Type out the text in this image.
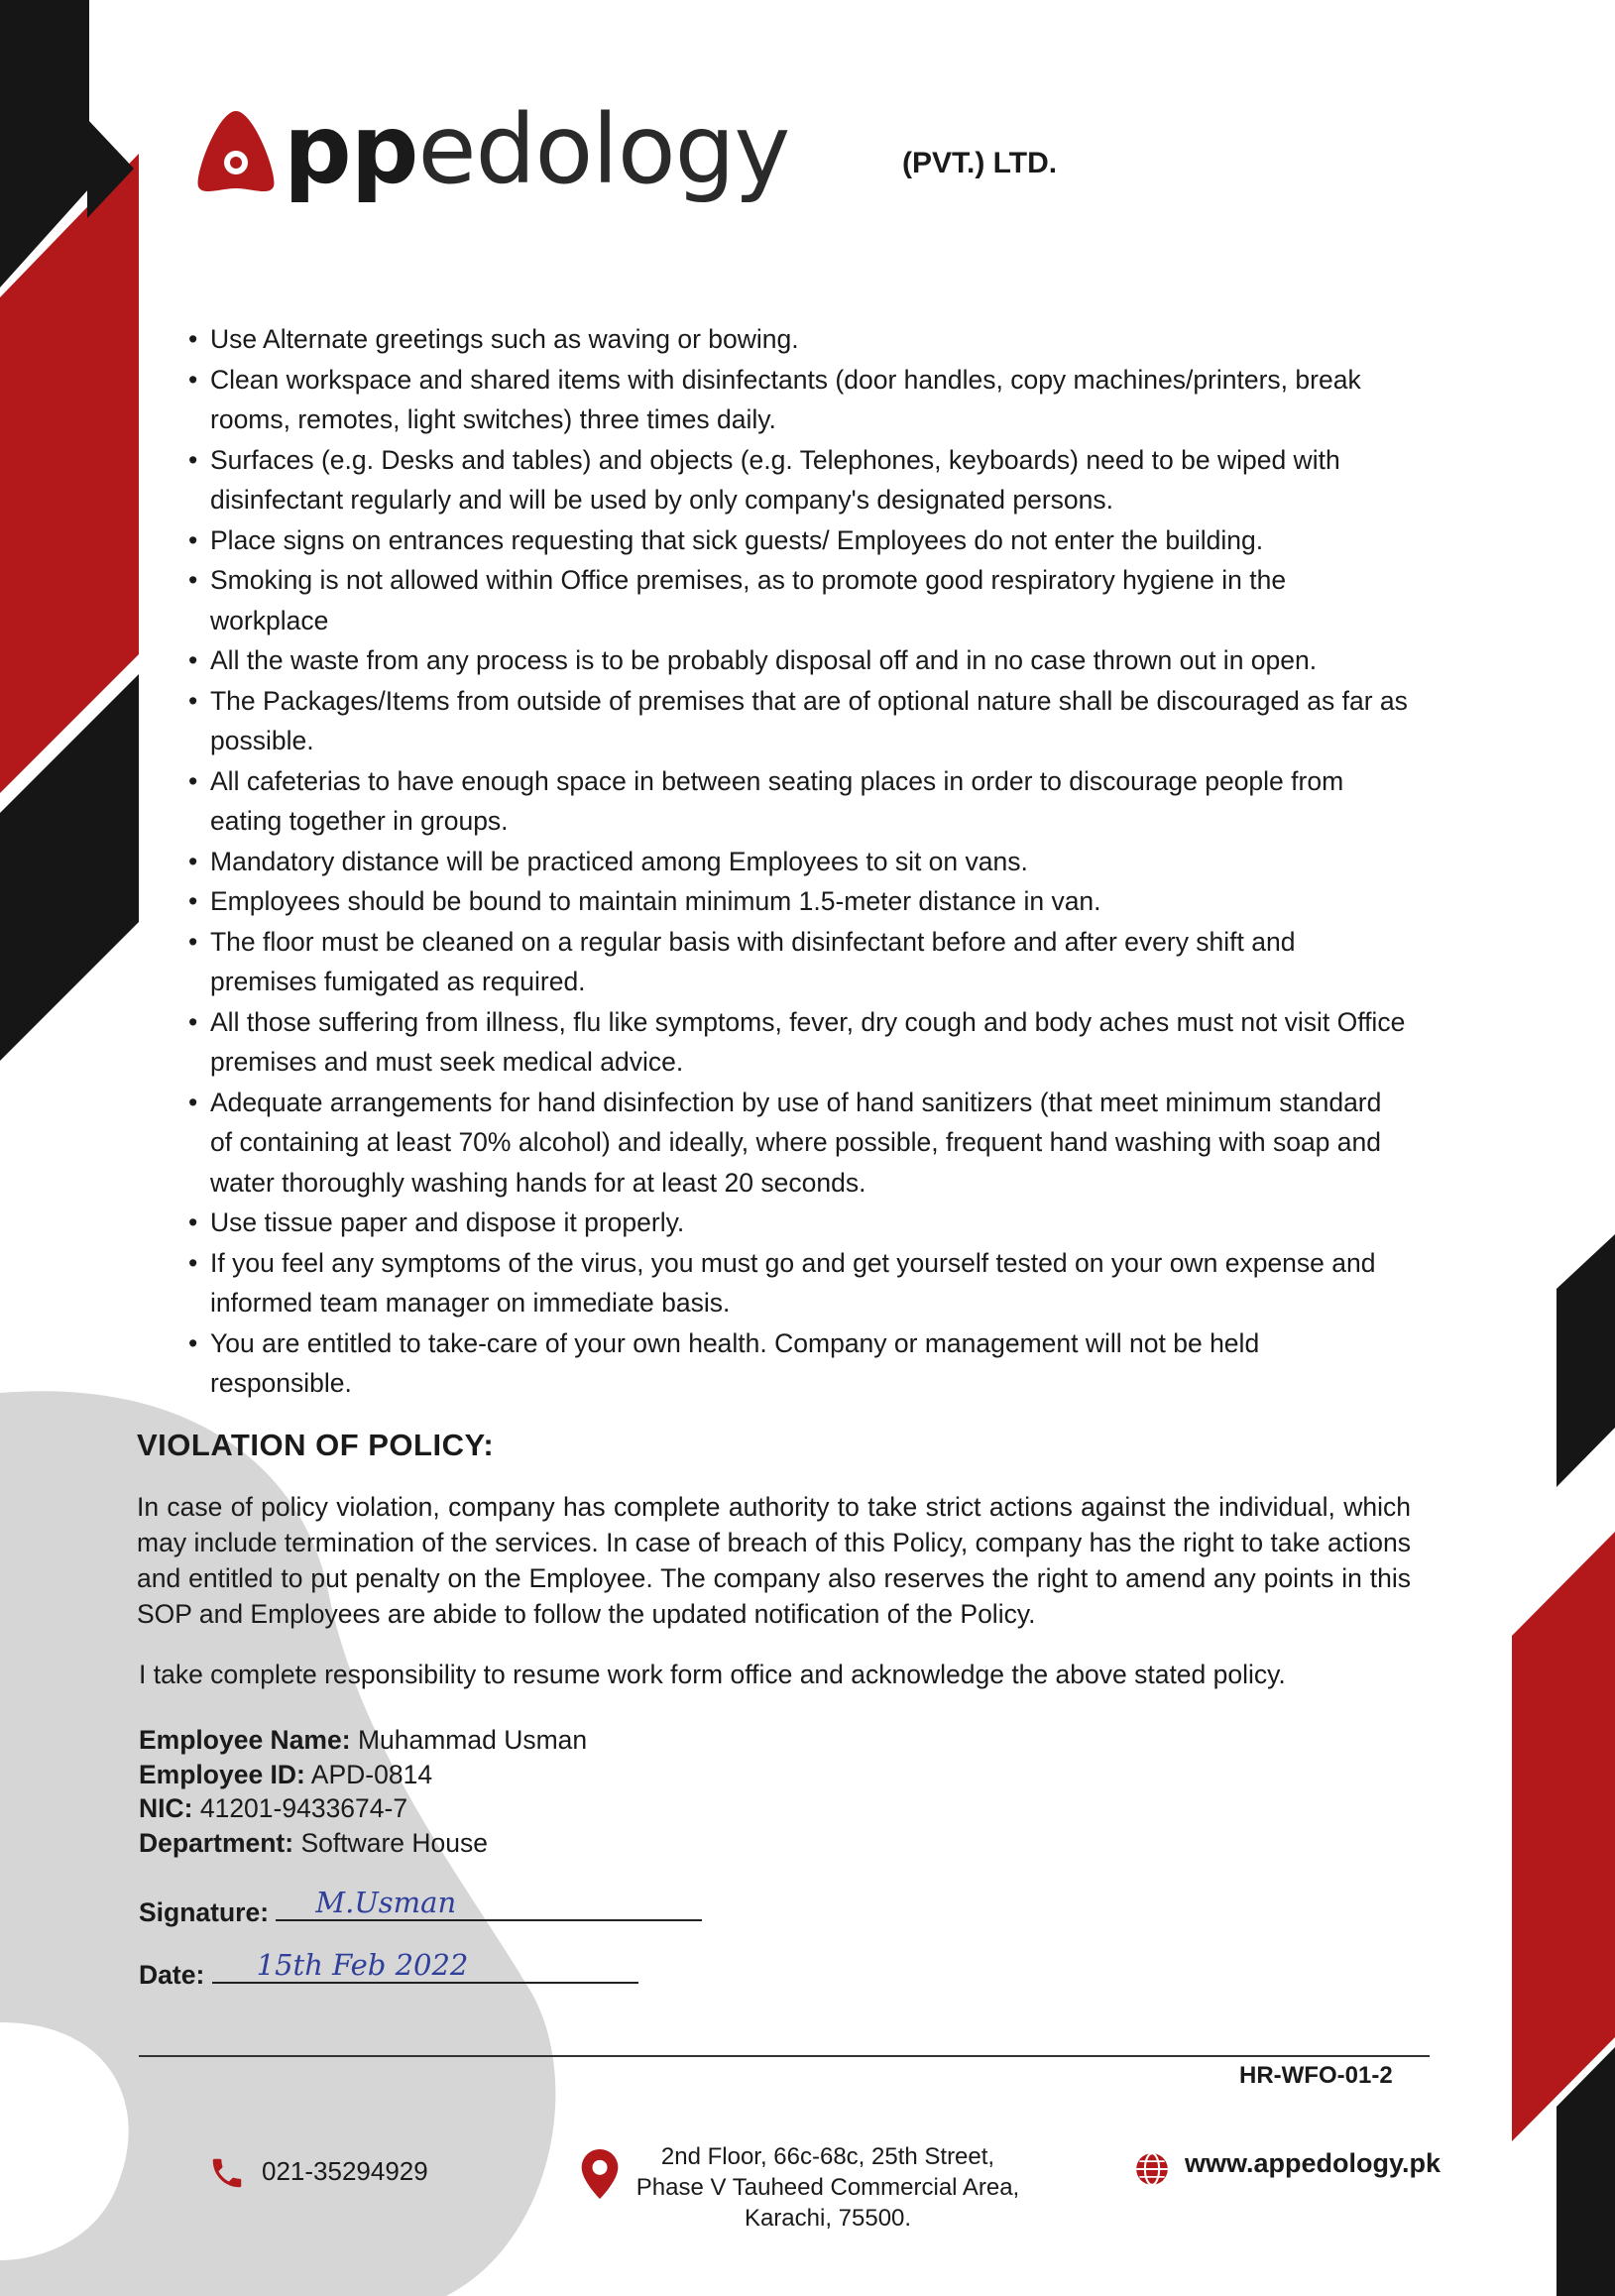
ppedology	(PVT.) LTD.
• Use Alternate greetings such as waving or bowing.
• Clean workspace and shared items with disinfectants (door handles, copy machines/printers, break rooms, remotes, light switches) three times daily.
• Surfaces (e.g. Desks and tables) and objects (e.g. Telephones, keyboards) need to be wiped with disinfectant regularly and will be used by only company's designated persons.
• Place signs on entrances requesting that sick guests/ Employees do not enter the building.
• Smoking is not allowed within Office premises, as to promote good respiratory hygiene in the workplace
• All the waste from any process is to be probably disposal off and in no case thrown out in open.
• The Packages/Items from outside of premises that are of optional nature shall be discouraged as far as possible.
• All cafeterias to have enough space in between seating places in order to discourage people from eating together in groups.
• Mandatory distance will be practiced among Employees to sit on vans.
• Employees should be bound to maintain minimum 1.5-meter distance in van.
• The floor must be cleaned on a regular basis with disinfectant before and after every shift and premises fumigated as required.
• All those suffering from illness, flu like symptoms, fever, dry cough and body aches must not visit Office premises and must seek medical advice.
• Adequate arrangements for hand disinfection by use of hand sanitizers (that meet minimum standard of containing at least 70% alcohol) and ideally, where possible, frequent hand washing with soap and water thoroughly washing hands for at least 20 seconds.
• Use tissue paper and dispose it properly.
• If you feel any symptoms of the virus, you must go and get yourself tested on your own expense and informed team manager on immediate basis.
• You are entitled to take-care of your own health. Company or management will not be held responsible.
VIOLATION OF POLICY:

In case of policy violation, company has complete authority to take strict actions against the individual, which may include termination of the services. In case of breach of this Policy, company has the right to take actions and entitled to put penalty on the Employee. The company also reserves the right to amend any points in this SOP and Employees are abide to follow the updated notification of the Policy.

I take complete responsibility to resume work form office and acknowledge the above stated policy.

Employee Name: Muhammad Usman
Employee ID: APD-0814
NIC: 41201-9433674-7
Department: Software House
Signature: M.Usman
Date: 15th Feb 2022
HR-WFO-01-2
021-35294929	2nd Floor, 66c-68c, 25th Street,
Phase V Tauheed Commercial Area,
Karachi, 75500.
www.appedology.pk
